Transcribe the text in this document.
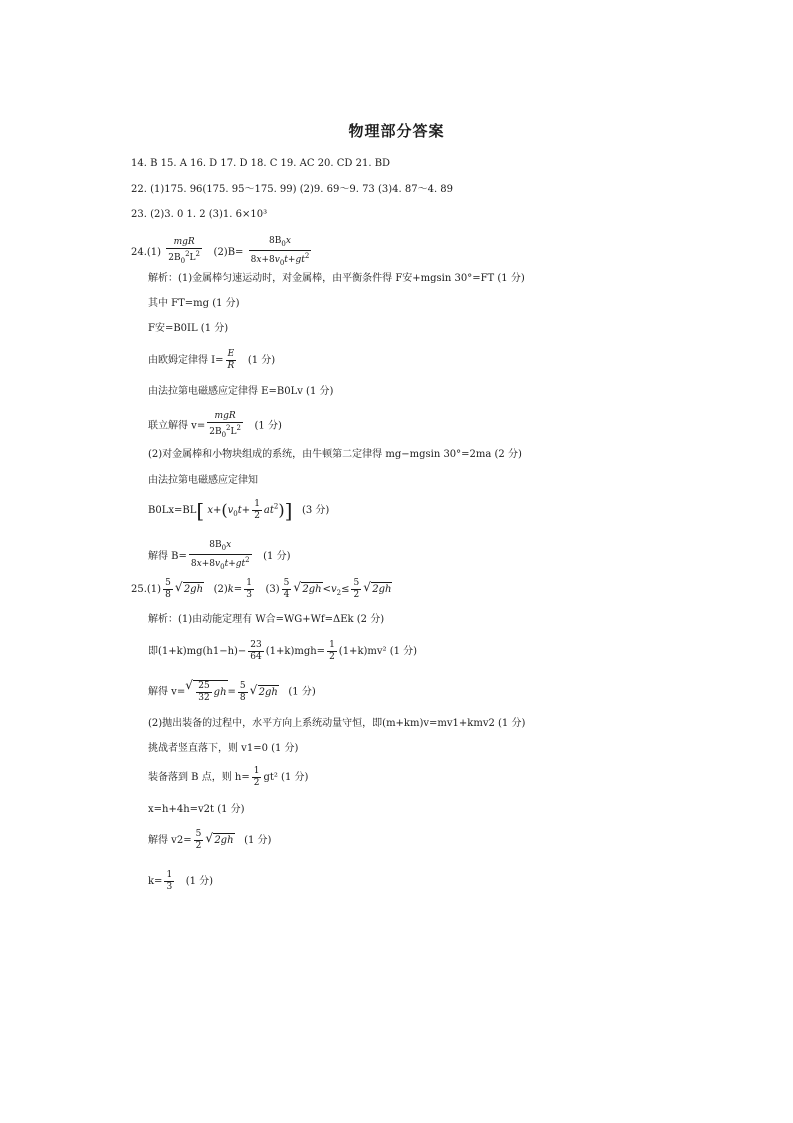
物理部分答案
14. B 15. A 16. D 17. D 18. C 19. AC 20. CD 21. BD
22. (1)175. 96(175. 95～175. 99) (2)9. 69～9. 73 (3)4. 87～4. 89
23. (2)3. 0 1. 2 (3)1. 6×10³
$24.(1) \frac{\text{mgR}}{2B_0^2L^2} (2)B= \frac{8B_0x}{8x+8v_0t+gt^2}$
解析：(1)金属棒匀速运动时，对金属棒，由平衡条件得 F安+mgsin 30°=FT (1 分)
其中 FT=mg (1 分)
F安=B0IL (1 分)
由欧姆定律得 $I= \frac{E}{R} (1$ 分)
由法拉第电磁感应定律得 E=B0Lv (1 分)
联立解得 $v= \frac{\text{mgR}}{2B_0^2L^2} (1$ 分)
(2)对金属棒和小物块组成的系统，由牛顿第二定律得 mg−mgsin 30°=2ma (2 分)
由法拉第电磁感应定律知
B0Lx=BL[ $x+(v_0t+ \frac{1}{2} at^2)$] (3 分)
解得 $B= \frac{8B_0x}{8x+8v_0t+gt^2} (1$ 分)
$25.(1) \frac{5}{8}$ √ 2gh   $(2)k= \frac{1}{3} (3) \frac{5}{4}$ √ $2gh<v_2\le \frac{5}{2}$ √ 2gh
解析：(1)由动能定理有 W合=WG+Wf=ΔEk (2 分)
即$(1+k)mg(h1-h)- \frac{23}{64} (1+k)mgh= \frac{1}{2} (1+k)mv^2$ (1 分)
解得 v= √ $\frac{25}{32} gh= \frac{5}{8}$ √ 2gh (1 分)
(2)抛出装备的过程中，水平方向上系统动量守恒，即(m+km)v=mv1+kmv2 (1 分)
挑战者竖直落下，则 v1=0 (1 分)
装备落到 B 点，则 $h= \frac{1}{2} gt^2$ (1 分)
x=h+4h=v2t (1 分)
解得 $v2= \frac{5}{2}$ √ 2gh (1 分)
$k= \frac{1}{3} (1$ 分)
